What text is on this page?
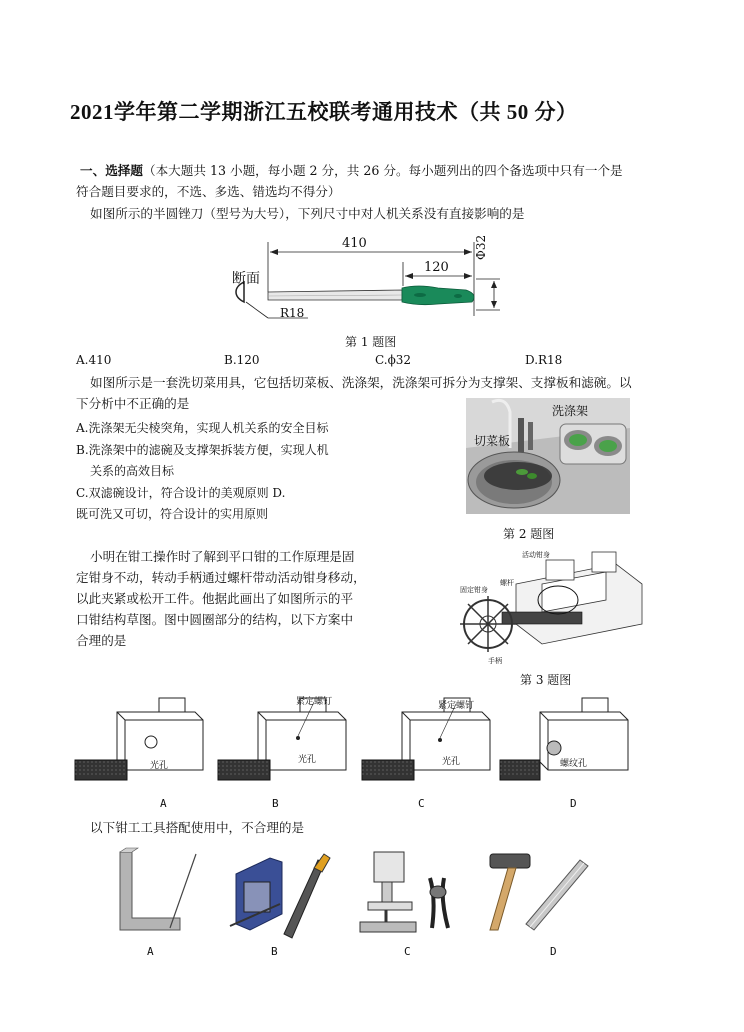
2021学年第二学期浙江五校联考通用技术（共 50 分）
一、选择题（本大题共 13 小题，每小题 2 分，共 26 分。每小题列出的四个备选项中只有一个是
符合题目要求的，不选、多选、错选均不得分）
如图所示的半圆锉刀（型号为大号），下列尺寸中对人机关系没有直接影响的是
410
120
Φ32
断面
R18
第 1 题图
A.410	B.120	C.ϕ32	D.R18
如图所示是一套洗切菜用具，它包括切菜板、洗涤架，洗涤架可拆分为支撑架、支撑板和滤碗。以
下分析中不正确的是
A.洗涤架无尖棱突角，实现人机关系的安全目标
B.洗涤架中的滤碗及支撑架拆装方便，实现人机
关系的高效目标
C.双滤碗设计，符合设计的美观原则 D.
既可洗又可切，符合设计的实用原则
切菜板
洗涤架
第 2 题图
小明在钳工操作时了解到平口钳的工作原理是固
定钳身不动，转动手柄通过螺杆带动活动钳身移动，
以此夹紧或松开工件。他据此画出了如图所示的平
口钳结构草图。图中圆圈部分的结构，以下方案中
合理的是
活动钳身
固定钳身
螺杆
手柄
第 3 题图
光孔
紧定螺钉
光孔
紧定螺钉
光孔	螺纹孔
A	B	C	D
以下钳工工具搭配使用中，不合理的是
A	B	C	D
